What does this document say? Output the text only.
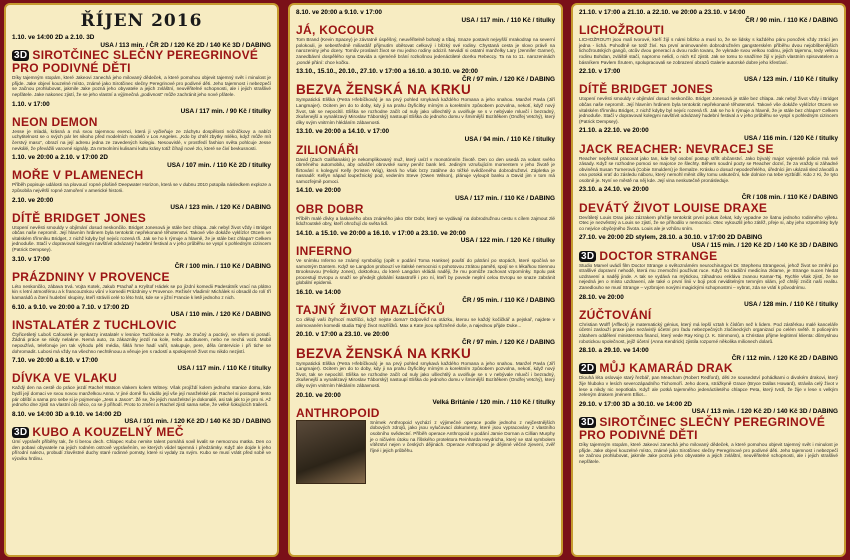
ŘÍJEN 2016
1.10. ve 14:00 2D a 2.10. 3D
USA / 113 min. / ČR 2D / 120 Kč 2D / 140 Kč 3D / DABING
3D SIROTČINEC SLEČNY PEREGRINOVÉ PRO PODIVNÉ DĚTI
Díky tajemným stopám, které Jakeovi zanechá jeho milovaný dědeček, a které pomohou objevit tajemný svět i minulost je přijde. Jake objeví kouzelné místo, známé jako Sirotčinec slečny Peregrinové pro podivné děti. Jeho tajemnost i nebezpečí se začnou prohlubovat, jakmile Jake pozná jeho obyvatele a jejich zvláštní, neuvěřitelné schopnosti, ale i jejich strašlivé nepřátele. Jake nakonec zjistí, že se jeho vlastní a výjimečná „podivnost“ může zachránit jeho nové přátele.
1.10. v 17:00
USA / 117 min. / 90 Kč / titulky
NEON DEMON
Jesse je mladá, krásná a má svou tajemnou exenci, která ji vyčleňuje ze záchytu dospělosti nočníčkovy a nabízi uchytitelnost se o svých pár let nikoho před modelních modelů v Los Angeles. „Kdo by chtěl zbytky mléko, když může mít čerstvý maso“, obrazí na její adresu jedna ze zavedených kolegiu. Nesouvislé, v prostředí fashion světa pohlcuje Jesse nevkálé, že převážili varovné signály. Za mrtvolními kulisami kultu krásy totiž číhají nové zlo, které se čiví bevkusnosti.
1.10. ve 20:00 a 2.10. v 17:00 2D
USA / 107 min. / 110 Kč 2D / titulky
MOŘE V PLAMENECH
Příběh popisuje události na plovoucí ropné plošině Deepwater Horizon, která se v dubnu 2010 potopila následkem exploze a způsobila největší ropné zamoření v americké historii.
2.10. ve 20:00
USA / 123 min. / 120 Kč / DABING
DÍTĚ BRIDGET JONES
Utopení nevěsti smouldy v objímání dosud neskončilo. Bridget Jonesová je stále bez chlapa. Jak nebyl život vždy i Bridget občas naše nepromít. Její hlavním hrdinem byla tentokrát nepřekonané těhotenství. Takové vše dokáže vyklízlo! Otcem ve vitalském třímníku Bridget, z nichž kdyby byl nejvíc rozená tři. Jak se ho k rýmuje a hlavně, že je stále bez chlapa? Celkem jednoduše. Stačí v dopravoval kolegyni navštívit odvázaný hudební festival a v jeho průběhu se vyspí s pohledným cizincem (Patrick Dempsey).
3.10. v 17:00
ČR / 100 min. / 110 Kč / DABING
PRÁZDNINY V PROVENCE
Léto neskončilo, zábava trvá. Vojta Kotek, Jakub Prachař a Kryštof Hádek se po jízdní komedii Padesátník vrací na plátno kin s letní atmosférou a k francouzskou vůní v komedii Prázdniny v Provence. Režisér Vladimír Michálek si obsadil do rolí tří kamarádů a čtení hudební skupiny, kteří strávili celé to léto hrát, kde se v jižní Francie k letě jednoho z nich.
6.10. a 9.10. ve 20:00 a 7.10. v 17:00 2D
USA / 110 min. / 120 Kč / DABING
INSTALATÉR Z TUCHLOVIC
Čtyřicetiletý Luboš Cafourek je synkarzy instalatér v lesnice Tuchlovice a Prahy. Je zručný a poctivý, ve všem si poradí. Žádná práce se nikdy nelakne. Nemá auto, za zákazníky jezdí na kole, nebo autobusem, nebo ne nechá vozit. Mobil nepoužívá, telefonuje jen tak výhodu pěti média, šiklá hrne hadí vařil, nakupuje, pere, děla úmtervicie i při tiche se dohromadit. Lubosi má vždy na všechno nechtěnouu a věnuje jen s radostí a spokojenně život mu nikdo nezjistí.
7.10. ve 20:00 a 8.10. v 17:00
USA / 117 min. / 110 Kč / titulky
DÍVKA VE VLAKU
Každý den na cestě do práce jezdí Rachel Watson vlakem kolem Witney. Však projíždí kolem jednoho stanice domu, kde bydlí její domaci ve svou novou manželkou Anna. V jiné domě fíu vádilo její vše její manželské pár. Rachel si postupně tento pár oblíbí a sama pro sebe si je pojmenuje „Jess a Jason“. Žě se, že jejich manželství je dokonalé, asi tak jak to je pro ni. Až jednoho dne zjistí na vlastní oči něco, co se jí přihodí. Proto to změní a Rachel zjistí sama sebe, že velké šokujících trailerů.
8.10. ve 14:00 3D a 9.10. ve 14:00 2D
USA / 101 min. / 120 Kč 2D / 140 Kč 3D / DABING
3D KUBO A KOUZELNÝ MEČ
Úmí vyprávět příběhy tak, že ti berou dech. Chlapec Kubo nemite talent pomáhá sovil kvalit se nemocnou matka. Den co den pobavi obyvatele na jejich rodném ostrově vyprávěním, ve kterých vůdel tajemná i předzámky. Když ale dojde k jeho přírodní nalezu, probudí zlověstné duchy staré rodinné pomsty, které si vydaly za svým. Kubo se musí vrátit před sobě ve výcviku hrdinu.
8.10. ve 20:00 a 9.10. v 17:00
USA / 117 min. / 110 Kč / titulky
JÁ, KOCOUR
Tom Brand (Kevin Spacey) je závratně úspěšný, neuvěřitelně bohatý a tíbaj. Snaze postavit nejvyšší mrakodrap na severní polokouli, je sebestředně miliardář přijmutím obětovat celkový i blízký své rodiny. Chystaná cesta je slovo právě na narozeniny jeho dcery. Tomův proslavit život se mu jedno rodiny odcizil. Nevádí si ostatní manželky Lary (Jennifer Garner), zanedbávní dospělého syna Davida a sjeméně brání rozkošnou jedenáctileté dcerku Rebeccy. Ta na to 11. narozeninách ,pondé přání: chce kočku.
13.10., 15.10., 20.10., 27.10. v 17:00 a 16.10. a 30.10. ve 20:00
ČR / 97 min. / 120 Kč / DABING
BEZVA ŽENSKÁ NA KRKU
Sympatická Eliška (Petra Hřebíčková) je na prvý pohled smykavá každého Romana a jeho snahou. Manžel Pavla (Jiří Langmajer). Ocitem jen do to doby, kdy ji na prahu čtyřicítky mírným a korektním způsobem pozvolna, nekotí, když nový život, tak se nepocítil. Eliška se rozhodne začít od nuly jako ušlechtilý a uvolňuje se s v nebývale mluvčí i bezradný, zkušenejší a vynalézavý Miroslav Táborský) nastoupí Eliška do jednoho domu v šmirnější Bozítěkem (Ondřej Vetchý), který díky svým vnitrním hlédáním zábavnosti.
13.10. ve 20:00 a 14.10. v 17:00
USA / 94 min. / 110 Kč / titulky
ZILIONÁŘI
David (Zach Galifianakis) je nekomplikovaný muž, který uvízl v monotónním životě. Den co den usedá za volant svého obrněného automobilu, aby odvážel obrovské sumy peněz bank letí. Jediným vzrušujícím momentem v jeho životě je flirtování s kolegyní Kelly (Kristen Wiig), která ho však brzy zatáhne do téžké svědčeného dobrodružství. Zápletka je nasnadě: Kellyn nápad loupežnický pod, vedením Steve (Owen Wilson), plánuje vyloupit banku a David jim v tom má samozřejmě pomoci.
14.10. ve 20:00
USA / 117 min. / 110 Kč / DABING
OBR DOBR
Příběh malé dívky a laskavého obra známého jako Obr Dobr, který se vydávají na dobrodružnou cestu s cílem zajmout zlé lidožroutské obry, kteří ohrožují do světa lidí.
14.10. a 15.10. ve 20:00 a 16.10. v 17:00 a 23.10. ve 20:00
USA / 122 min. / 120 Kč / titulky
INFERNO
Ve snímku Inferno se známý symbológ (opět v podání Toma Hankse) pouští do pátrání po stopách, které spočívá se samotným Dantem. Když se Langdon probouzí ve italské nemocnici s pohotovou ztrátou paměti, spojí se s lékařkou Siennou Brooksovou (Felicity Jones), doktorkou, do které Langdon vkládá naději, že mu pomůže zachovat vzpomínky. Spolu pak procestují Evropu a snaží se předejít globální katastrofě i pro ní, kteří by povede neplní celou Evropu se snaze zabránit globální epidemii.
16.10. ve 14:00
ČR / 95 min. / 110 Kč / DABING
TAJNÝ ŽIVOT MAZLÍČKŮ
Co dělají vaši čtyřnozí mazlíčci, když nejste doma? Odpověď na otázku, kterou se každý kočičkář a pejskař, najdete v animovaném komedii studia Tajný život mazlíčků. Max a Kate jsou spřízněné duše, a najednou přijde Duke...
20.10. v 17:00 a 23.10. ve 20:00
ČR / 97 min. / 120 Kč / DABING
BEZVA ŽENSKÁ NA KRKU
Sympatická Eliška (Petra Hřebíčková) je na prvý pohled smykavá každého Romana a jeho snahou. Manžel Pavla (Jiří Langmajer). Ocitem jen do to doby, kdy ji na prahu čtyřicítky mírným a korektním způsobem pozvolna, nekotí, když nový život, tak se nepocítil. Eliška se rozhodne začít od nuly jako ušlechtilý a uvolňuje se s v nebývale mluvčí i bezradný, zkušenejší a vynalézavý Miroslav Táborský) nastoupí Eliška do jednoho domu v šmirnější Bozítěkem (Ondřej Vetchý), který díky svým vnitrním hlédáním zábavnosti.
20.10. ve 20:00
Velká Británie / 120 min. / 110 Kč / titulky
ANTHROPOID
Snímek Anthropoid vychází z výjimečné operace podle jednoho z nejčestnějších dobových zdrojů, jako jsou vylučovací dokumenty, které jsou vypracovány z vlastního osobního svědectví. Příběh operace Anthropoid v podání Jamie Dornan a Cillian Murphy je o ničivém útoku na říšského protektora Reinharda Heydricha, který se stal symbolem vítězství nejen v českých dějinách. Operace Anthropoid je dějinné věčné zjevení, zvěř říjné i jejich průběhu.
21.10. v 17:00 a 21.10. a 22.10. ve 20:00 a 23.10. v 14:00
ČR / 90 min. / 110 Kč / DABING
LICHOŽROUTI
LICHOŽROUTI jsou malí tvorové, kteří žijí s námi blízko a musí to, že se lidsky s každého páru ponožek vždy ztrácí jen jedna - lichá. Pohodlně se totiž živí. Na první animovaném dobrodružném gangsterském příběhu dvou nejoblíbenějších lichožroutských gangů, otcův dvou generací a dvou rodin tovaru, že vykrade svou velkou rodinu, jejich tajemnu, tedy velkou rodinu Bohdan, zvláště stačí, napromo nelidí, o nich Kč zjistit. Jak se tomu to snažíme žijí v jejich vlastním spisovatelem a básníkem Pavlem Šrutem, spolupracovali se zobrazení obrazů Galerie autorské dobre jeho křesťaní.
22.10. v 17:00
USA / 123 min. / 110 Kč / titulky
DÍTĚ BRIDGET JONES
Utopení nevěsti smouldy v objímání dosud neskončilo. Bridget Jonesová je stále bez chlapa. Jak nebyl život vždy i Bridget občas naše nepromít. Její hlavním hrdinem byla tentokrát nepřekonané těhotenství. Takové vše dokáže vyklízlo! Otcem ve vitalském třímníku Bridget, z nichž kdyby byl nejvíc rozená tři. Jak se ho k rýmuje a hlavně, že je stále bez chlapa? Celkem jednoduše. Stačí v dopravoval kolegyni navštívit odvázaný hudební festival a v jeho průběhu se vyspí s pohledným cizincem (Patrick Dempsey).
21.10. a 22.10. ve 20:00
USA / 116 min. / 120 Kč / titulky
JACK REACHER: NEVRACEJ SE
Reacher nepřestal pracovat jako tan, kde byl osobní postup střílt občanství. Jako bývalý major vojenské policie má své zásady. Když se rozhodne pomoci se majorce ze šlechty. Během soudní pocty se Reacher dozví, že za vraždy si záhadné obviněná Susan Turnerová (Cobie Smulders) je Šemalze. Krásku o dosud nepodezřelého, úředníci jim ukázali sled závodů a ona potoká vrať do zásledu náboru, který nemohl měnit díky tomu uskuteční, kde dolnice na tebe vyzbídlí. Kdo z Ki, že tyto osobně je. Nyní ve městě na něj kde. Její vina neskutečně pronásleduje.
23.10. a 24.10. ve 20:00
ČR / 108 min. / 110 Kč / DABING
DEVÁTÝ ŽIVOT LOUISE DRAXE
Devítiletý Louis Drax jako zázrakem přežije tentokrát první pokus čekat, kdy vypadne ze šatnu jednoho rodinného výletu. Otec je nezvěstný a Louis se zjistí, že se přihodilo v nemocnici. Otec vykouzlil jeho zátěž, přeje si, aby jeho vzpomínky byly co nejvíce obyčejného života. Louis ale je vzhůru sním.
27.10. ve 20:00 2D stylem, 28.10. a 30.10. v 17:00 2D DABING
USA / 115 min. / 120 Kč 2D / 140 Kč 3D / DABING
3D DOCTOR STRANGE
Studio Marvel uvádí film Doctor Strange o světoznámém neurochirurgovi Dr. Stephenu Strangeovi, jehož život se změní po strašlivé dopravní nehodě, která mu znemožní používat ruce. Když ho tradiční medicína zklame, je Strange nucen hledat uzdravení a naději jinde. A tak se vydává na mýtickou, záhadnou enklávu zvanou Kamar-Taj. Rychle však zjistí, že se nejedná jen o místo uzdravení, ale také o první linii v boji proti neviditelným temným silám, jež chtějí zničit naši realitu. Zanedlouho se musí Strange – vyzbrojen novými magickými schopnostmi – vybrat, zda se vrátí k původnímu.
28.10. ve 20:00
USA / 128 min. / 110 Kč / titulky
ZÚČTOVÁNÍ
Christian Wolff (Affleck) je matematický génius, který má lepší vztah k číslům než k lidem. Pod zástěrkou malé kanceláře účetní zaslouží praxe jako nezávislý účetní pro řadu nebezpečných zločineckých organizací po celém světě. S policejním zátahem oddělení ministerstva financí, který vede Ray King (J. K. Simmons), a Christian přijme legitimní klienta: důmyslnou robotickou společnost, jejíž účetní (Anna Kendrick) zjistila rozporné několika milionech dolarů.
28.10. a 29.10. ve 14:00
ČR / 112 min. / 120 Kč 2D / DABING
2D MŮJ KAMARÁD DRAK
Dlouhá léta oslovuje starý řezbář, pan Meacham (Robert Redford), děti ze sousedství pohádkami o divokém drakovi, který žije hluboko v lesích severozápadního Tichomoří. Jeho dcera, strážkyně Grace (Bryce Dallas Howard), strávila celý život v lese a nikdy nic nepotkala. Když ale potká tajemného jedenáctiletého chlapce Peta, který tvrdí, že žije v lese s velkým zeleným drakem jménem Elliot...
29.10. v 17:00 3D a 30.10. ve 14:00 2D
USA / 113 min. / 120 Kč 2D / 140 Kč 3D / DABING
3D SIROTČINEC SLEČNY PEREGRINOVÉ PRO PODIVNÉ DĚTI
Díky tajemným stopám, které Jakeovi zanechá jeho milovaný dědeček, a které pomohou objevit tajemný svět i minulost je přijde. Jake objeví kouzelné místo, známé jako Sirotčinec slečny Peregrinové pro podivné děti. Jeho tajemnost i nebezpečí se začnou prohlubovat, jakmile Jake pozná jeho obyvatele a jejich zvláštní, neuvěřitelné schopnosti, ale i jejich strašlivé nepřátele.
